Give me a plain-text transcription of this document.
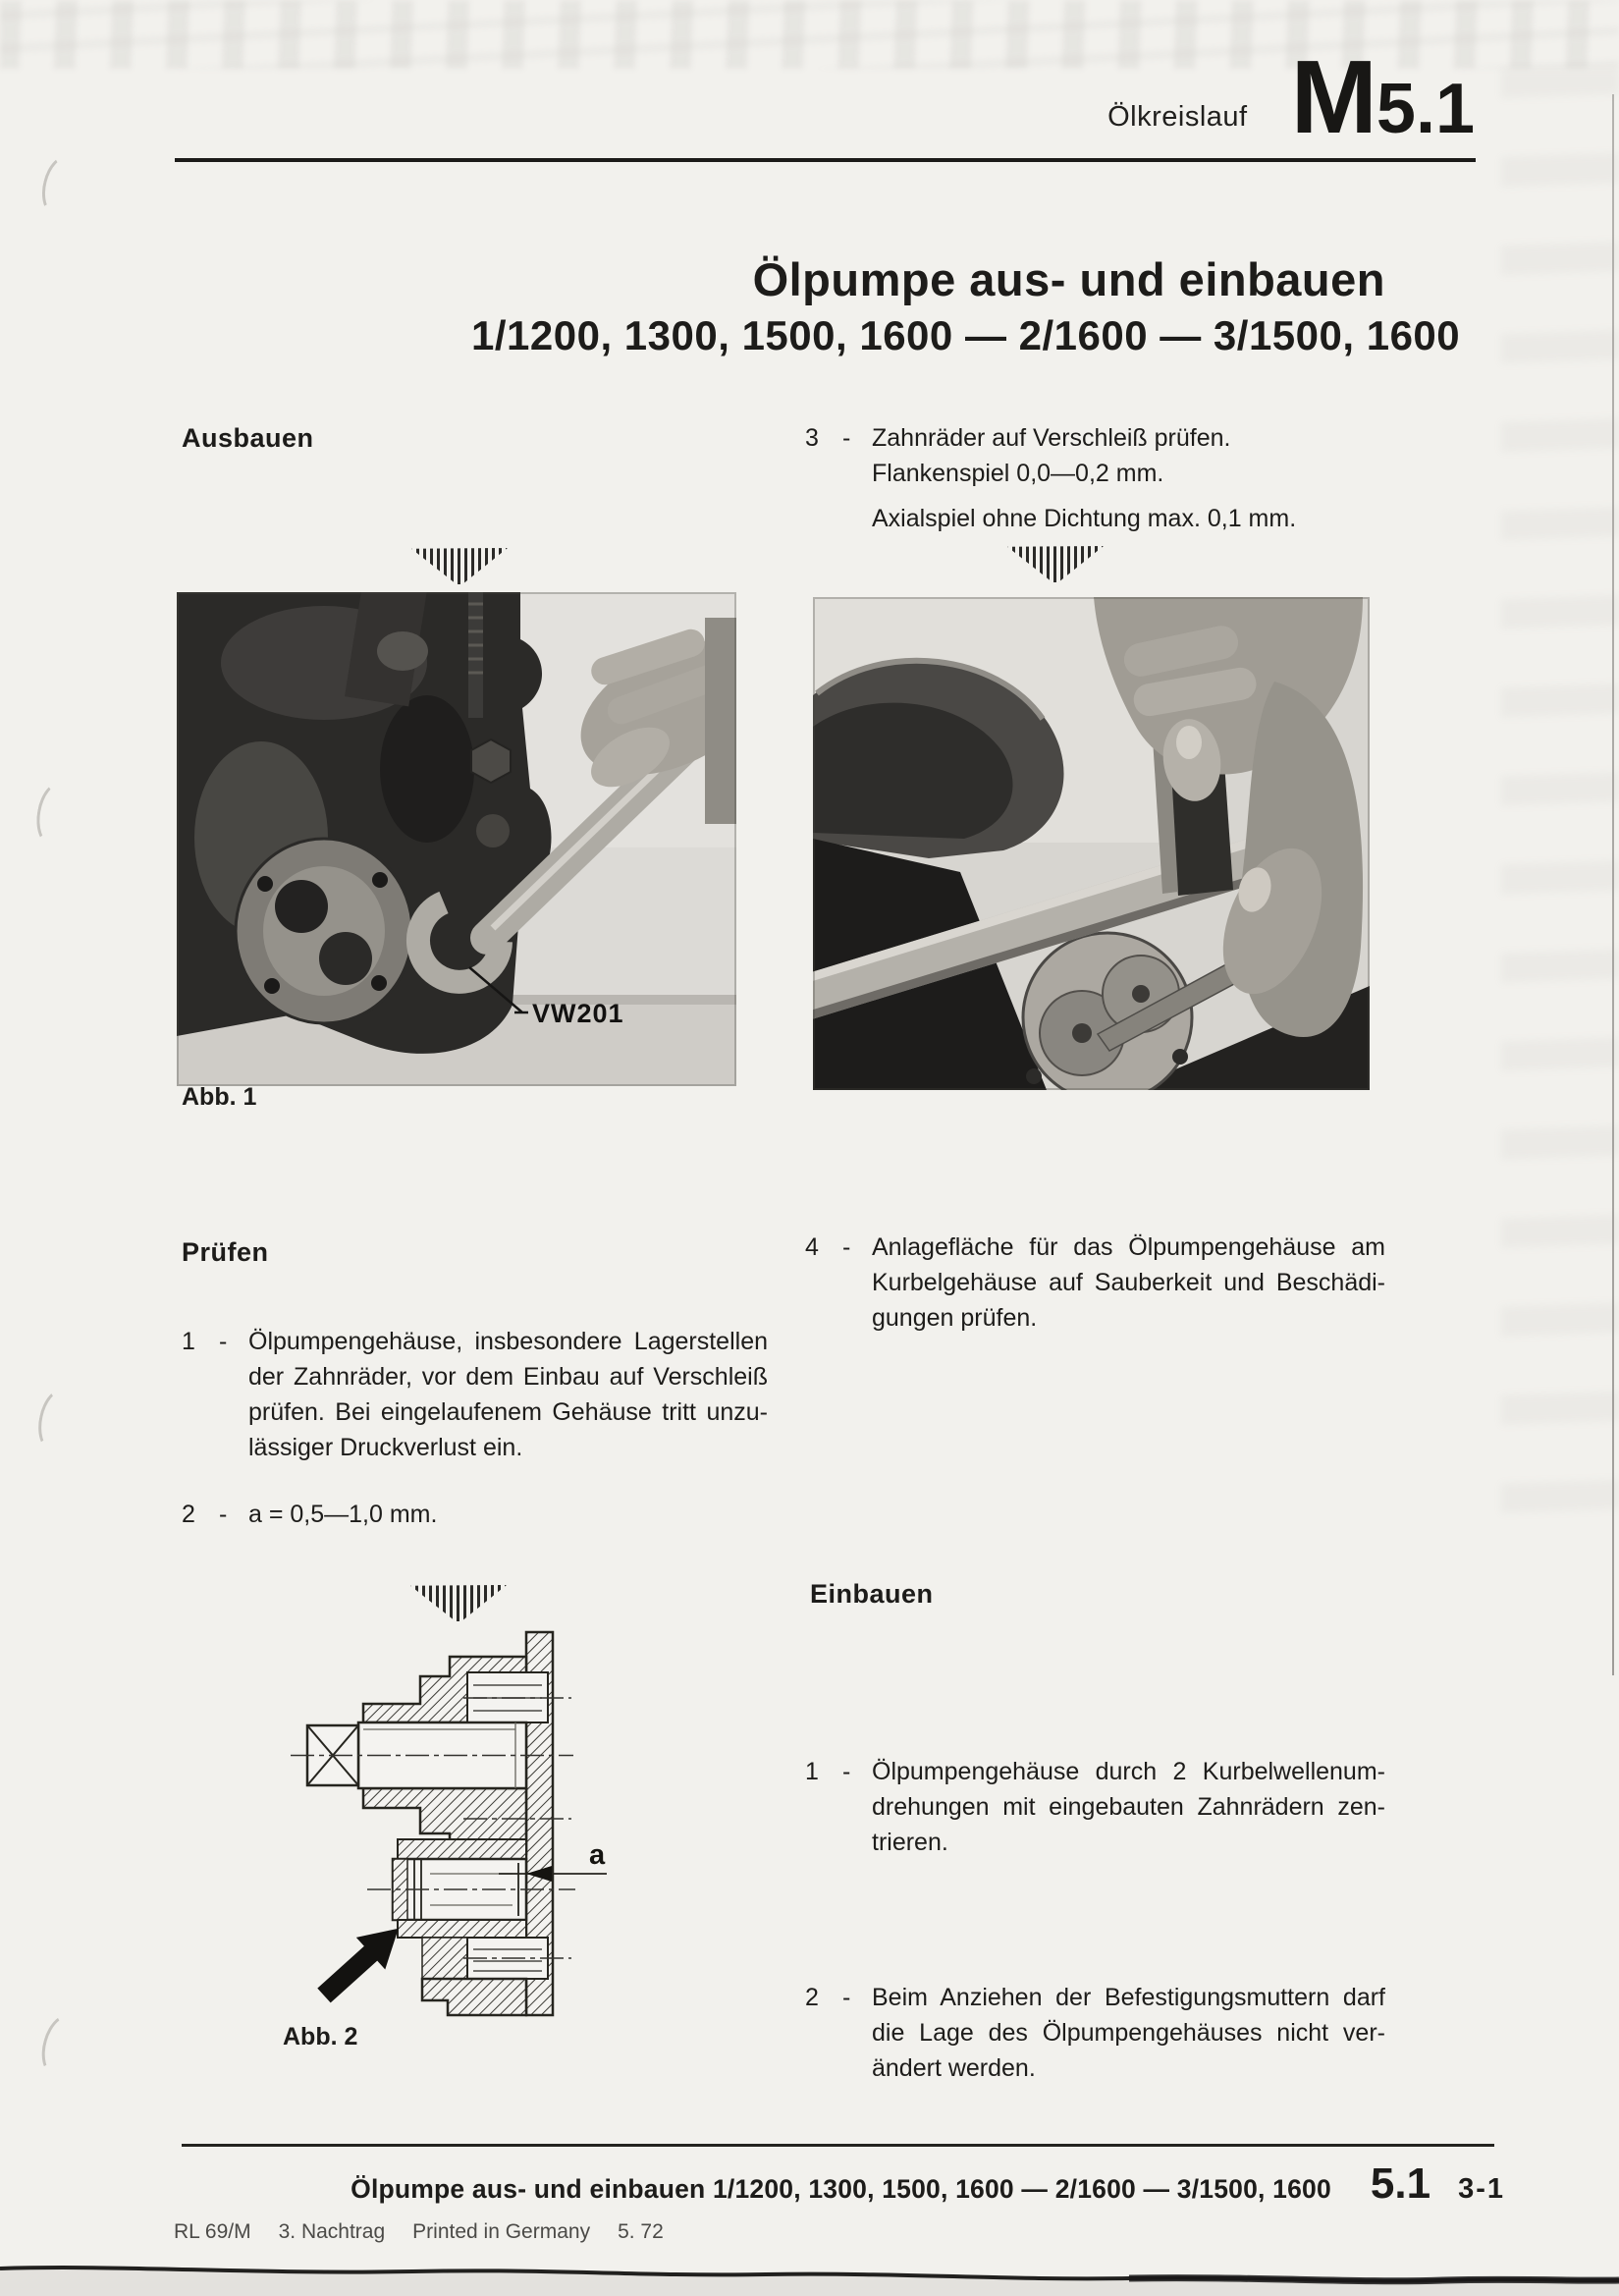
Ölkreislauf M 5.1
Ölpumpe aus- und einbauen
1/1200, 1300, 1500, 1600 — 2/1600 — 3/1500, 1600
Ausbauen	3 - Zahnräder auf Verschleiß prüfen.
Flankenspiel 0,0—0,2 mm.
Axialspiel ohne Dichtung max. 0,1 mm.
VW201
Abb. 1
Prüfen
1 - Ölpumpengehäuse, insbesondere Lagerstellen
der Zahnräder, vor dem Einbau auf Verschleiß
prüfen. Bei eingelaufenem Gehäuse tritt unzu-
lässiger Druckverlust ein.
4 - Anlagefläche für das Ölpumpengehäuse am
Kurbelgehäuse auf Sauberkeit und Beschädi-
gungen prüfen.
2 - a = 0,5—1,0 mm.
a
Abb. 2
Einbauen
1 - Ölpumpengehäuse durch 2 Kurbelwellenum-
drehungen mit eingebauten Zahnrädern zen-
trieren.
2 - Beim Anziehen der Befestigungsmuttern darf
die Lage des Ölpumpengehäuses nicht ver-
ändert werden.
Ölpumpe aus- und einbauen 1/1200, 1300, 1500, 1600 — 2/1600 — 3/1500, 1600 5.1 3-1
RL 69/M 3. Nachtrag Printed in Germany 5. 72
